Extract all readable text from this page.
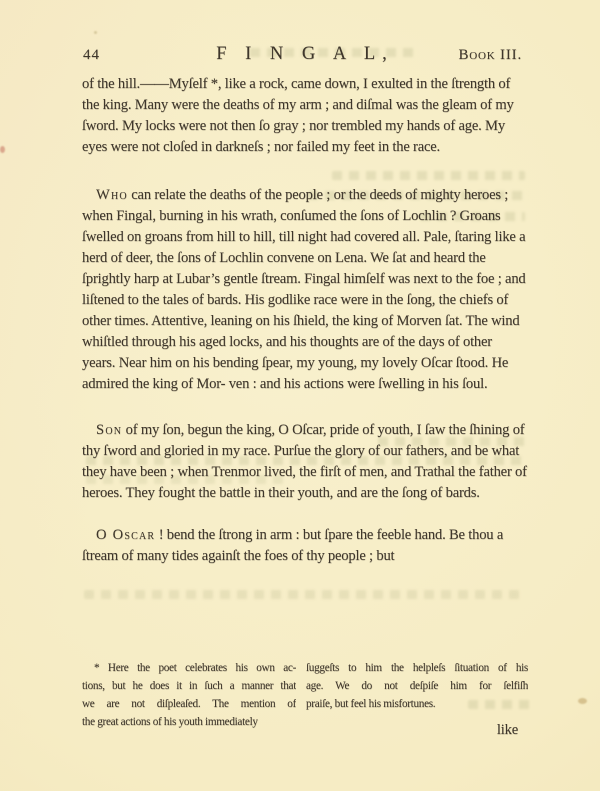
44	F I N G A L,	Book III.

of the hill.——Myſelf *, like a rock, came down, I exulted in the ſtrength of the king. Many were the deaths of my arm ; and diſmal was the gleam of my ſword. My locks were not then ſo gray ; nor trembled my hands of age. My eyes were not cloſed in darkneſs ; nor failed my feet in the race.

Who can relate the deaths of the people ; or the deeds of mighty heroes ; when Fingal, burning in his wrath, conſumed the ſons of Lochlin ? Groans ſwelled on groans from hill to hill, till night had covered all. Pale, ſtaring like a herd of deer, the ſons of Lochlin convene on Lena. We ſat and heard the ſprightly harp at Lubar’s gentle ſtream. Fingal himſelf was next to the foe ; and liſtened to the tales of bards. His godlike race were in the ſong, the chiefs of other times. Attentive, leaning on his ſhield, the king of Morven ſat. The wind whiſtled through his aged locks, and his thoughts are of the days of other years. Near him on his bending ſpear, my young, my lovely Oſcar ſtood. He admired the king of Mor- ven : and his actions were ſwelling in his ſoul.

Son of my ſon, begun the king, O Oſcar, pride of youth, I ſaw the ſhining of thy ſword and gloried in my race. Purſue the glory of our fathers, and be what they have been ; when Trenmor lived, the firſt of men, and Trathal the father of heroes. They fought the battle in their youth, and are the ſong of bards.

O Oscar ! bend the ſtrong in arm : but ſpare the feeble hand. Be thou a ſtream of many tides againſt the foes of thy people ; but

* Here the poet celebrates his own ac-
tions, but he does it in ſuch a manner that
we are not diſpleaſed. The mention of
the great actions of his youth immediately
ſuggeſts to him the helpleſs ſituation of his
age. We do not deſpiſe him for ſelfiſh
praiſe, but feel his misfortunes.
like
